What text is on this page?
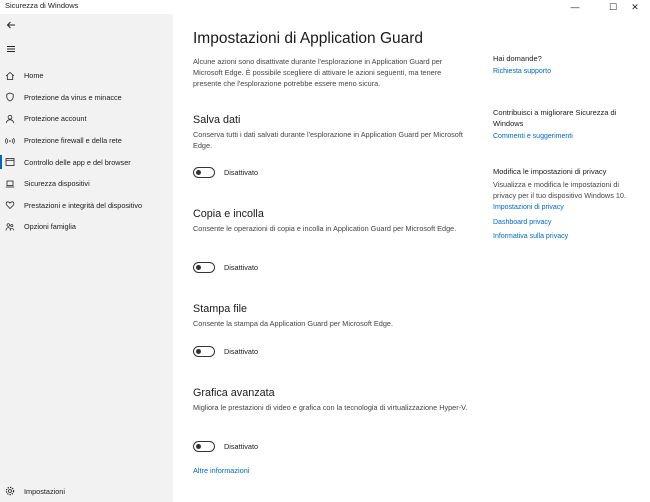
Sicurezza di Windows	—	☐ ✕
Home
Protezione da virus e minacce
Protezione account
Protezione firewall e della rete
Controllo delle app e del browser
Sicurezza dispositivi
Prestazioni e integrità del dispositivo
Opzioni famiglia
Impostazioni
Impostazioni di Application Guard

Alcune azioni sono disattivate durante l'esplorazione in Application Guard per Microsoft Edge. È possibile scegliere di attivare le azioni seguenti, ma tenere presente che l'esplorazione potrebbe essere meno sicura.

Salva dati

Conserva tutti i dati salvati durante l'esplorazione in Application Guard per Microsoft Edge.

Disattivato
Copia e incolla

Consente le operazioni di copia e incolla in Application Guard per Microsoft Edge.

Disattivato
Stampa file

Consente la stampa da Application Guard per Microsoft Edge.

Disattivato
Grafica avanzata

Migliora le prestazioni di video e grafica con la tecnologia di virtualizzazione Hyper-V.

Disattivato
Altre informazioni
Hai domande?
Richiesta supporto
Contribuisci a migliorare Sicurezza di Windows
Commenti e suggerimenti
Modifica le impostazioni di privacy
Visualizza e modifica le impostazioni di privacy per il tuo dispositivo Windows 10.
Impostazioni di privacy
Dashboard privacy
Informativa sulla privacy
